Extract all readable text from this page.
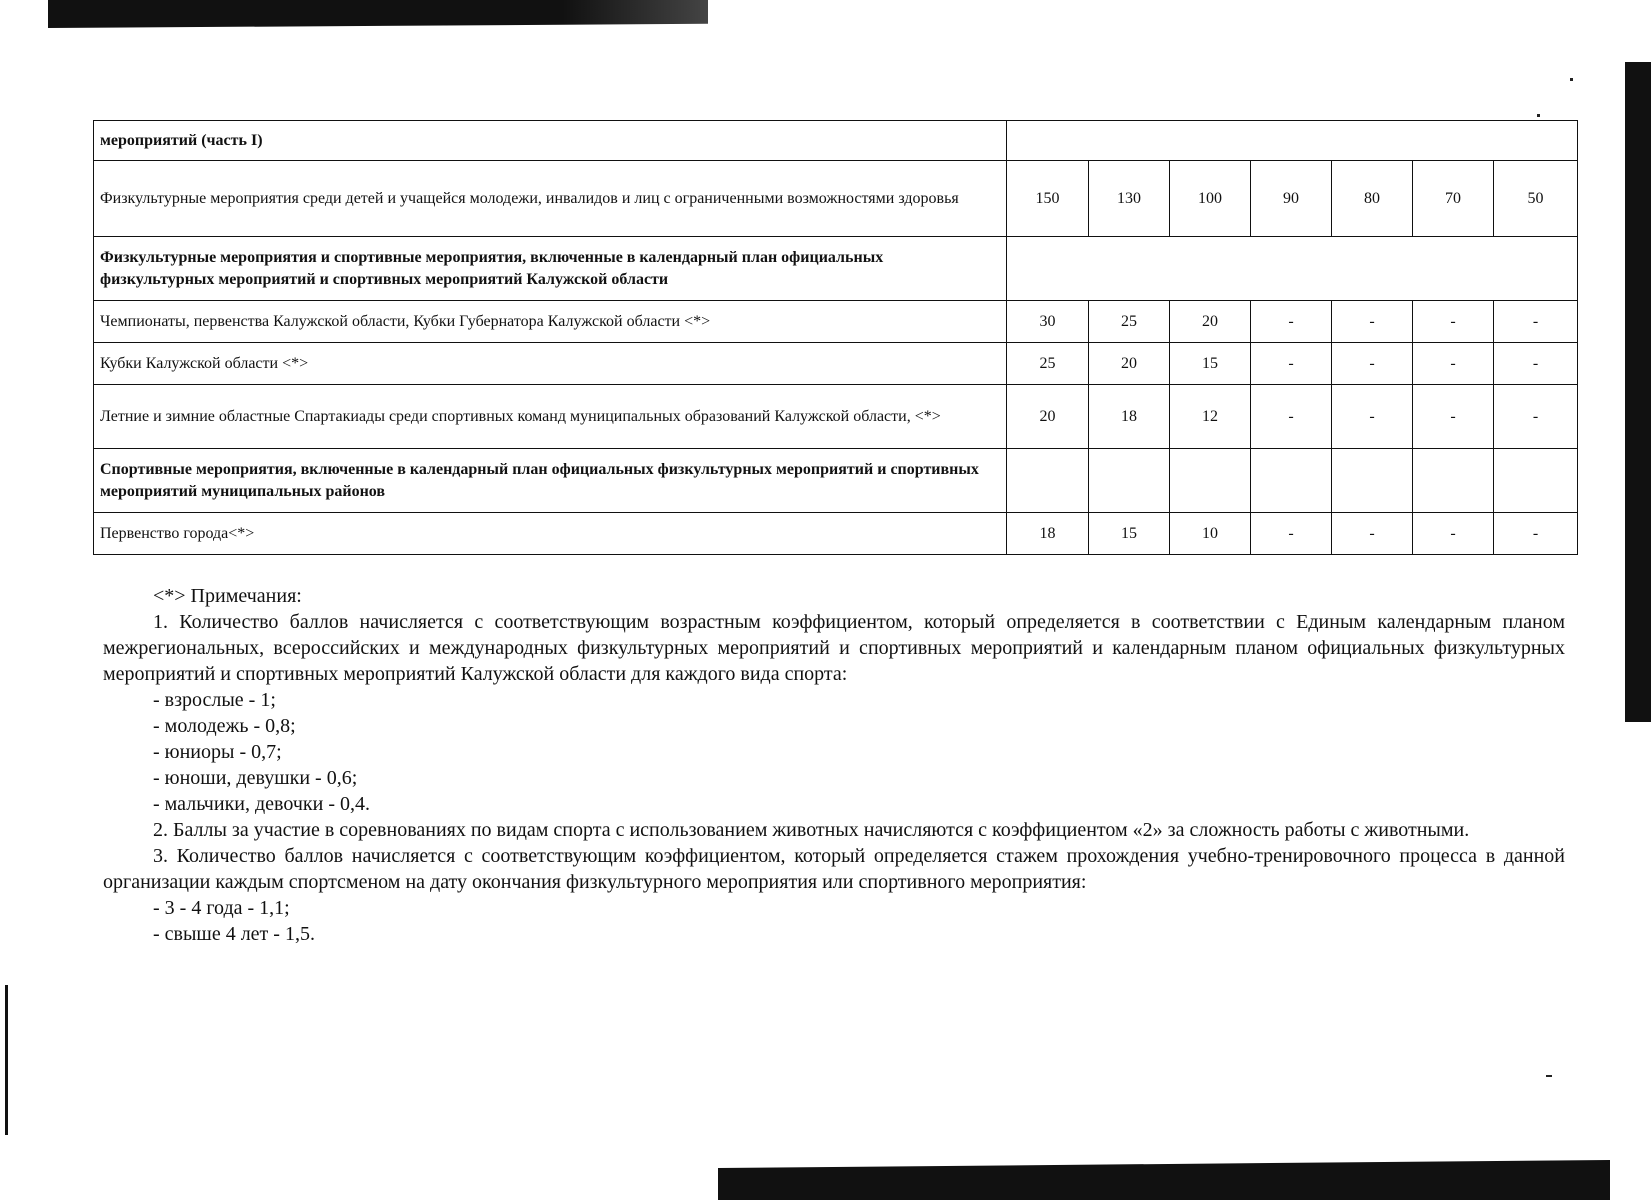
мероприятий (часть I)							
Физкультурные мероприятия среди детей и учащейся молодежи, инвалидов и лиц с ограниченными возможностями здоровья	150	130	100	90	80	70	50
Физкультурные мероприятия и спортивные мероприятия, включенные в календарный план официальных физкультурных мероприятий и спортивных мероприятий Калужской области							
Чемпионаты, первенства Калужской области, Кубки Губернатора Калужской области <*>	30	25	20	-	-	-	-
Кубки Калужской области <*>	25	20	15	-	-	-	-
Летние и зимние областные Спартакиады среди спортивных команд муниципальных образований Калужской области, <*>	20	18	12	-	-	-	-
Спортивные мероприятия, включенные в календарный план официальных физкультурных мероприятий и спортивных мероприятий муниципальных районов							
Первенство города<*>	18	15	10	-	-	-	-

<*> Примечания:

1. Количество баллов начисляется с соответствующим возрастным коэффициентом, который определяется в соответствии с Единым календарным планом межрегиональных, всероссийских и международных физкультурных мероприятий и спортивных мероприятий и календарным планом официальных физкультурных мероприятий и спортивных мероприятий Калужской области для каждого вида спорта:

- взрослые - 1;

- молодежь - 0,8;

- юниоры - 0,7;

- юноши, девушки - 0,6;

- мальчики, девочки - 0,4.

2. Баллы за участие в соревнованиях по видам спорта с использованием животных начисляются с коэффициентом «2» за сложность работы с животными.

3. Количество баллов начисляется с соответствующим коэффициентом, который определяется стажем прохождения учебно-тренировочного процесса в данной организации каждым спортсменом на дату окончания физкультурного мероприятия или спортивного мероприятия:

- 3 - 4 года - 1,1;

- свыше 4 лет - 1,5.
